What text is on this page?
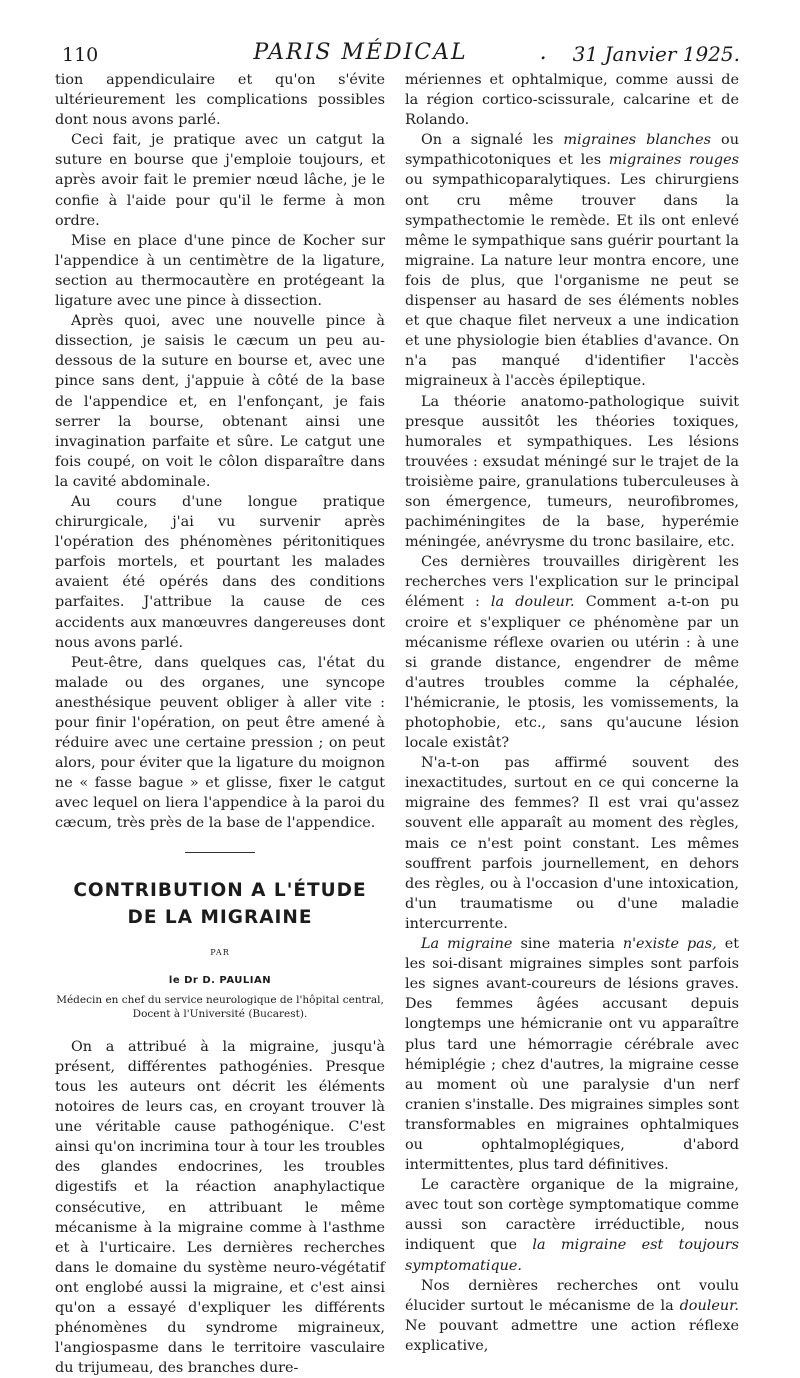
110	PARIS MÉDICAL	.	31 Janvier 1925.

tion appendiculaire et qu'on s'évite ultérieurement les complications possibles dont nous avons parlé.

Ceci fait, je pratique avec un catgut la suture en bourse que j'emploie toujours, et après avoir fait le premier nœud lâche, je le confie à l'aide pour qu'il le ferme à mon ordre.

Mise en place d'une pince de Kocher sur l'appendice à un centimètre de la ligature, section au thermocautère en protégeant la ligature avec une pince à dissection.

Après quoi, avec une nouvelle pince à dissection, je saisis le cæcum un peu au-dessous de la suture en bourse et, avec une pince sans dent, j'appuie à côté de la base de l'appendice et, en l'enfonçant, je fais serrer la bourse, obtenant ainsi une invagination parfaite et sûre. Le catgut une fois coupé, on voit le côlon disparaître dans la cavité abdominale.

Au cours d'une longue pratique chirurgicale, j'ai vu survenir après l'opération des phénomènes péritonitiques parfois mortels, et pourtant les malades avaient été opérés dans des conditions parfaites. J'attribue la cause de ces accidents aux manœuvres dangereuses dont nous avons parlé.

Peut-être, dans quelques cas, l'état du malade ou des organes, une syncope anesthésique peuvent obliger à aller vite : pour finir l'opération, on peut être amené à réduire avec une certaine pression ; on peut alors, pour éviter que la ligature du moignon ne « fasse bague » et glisse, fixer le catgut avec lequel on liera l'appendice à la paroi du cæcum, très près de la base de l'appendice.

CONTRIBUTION A L'ÉTUDE
DE LA MIGRAINE
PAR
le Dr D. PAULIAN
Médecin en chef du service neurologique de l'hôpital central,
Docent à l'Université (Bucarest).

On a attribué à la migraine, jusqu'à présent, différentes pathogénies. Presque tous les auteurs ont décrit les éléments notoires de leurs cas, en croyant trouver là une véritable cause pathogénique. C'est ainsi qu'on incrimina tour à tour les troubles des glandes endocrines, les troubles digestifs et la réaction anaphylactique consécutive, en attribuant le même mécanisme à la migraine comme à l'asthme et à l'urticaire. Les dernières recherches dans le domaine du système neuro-végétatif ont englobé aussi la migraine, et c'est ainsi qu'on a essayé d'expliquer les différents phénomènes du syndrome migraineux, l'angiospasme dans le territoire vasculaire du trijumeau, des branches dure-

mériennes et ophtalmique, comme aussi de la région cortico-scissurale, calcarine et de Rolando.

On a signalé les migraines blanches ou sympathicotoniques et les migraines rouges ou sympathicoparalytiques. Les chirurgiens ont cru même trouver dans la sympathectomie le remède. Et ils ont enlevé même le sympathique sans guérir pourtant la migraine. La nature leur montra encore, une fois de plus, que l'organisme ne peut se dispenser au hasard de ses éléments nobles et que chaque filet nerveux a une indication et une physiologie bien établies d'avance. On n'a pas manqué d'identifier l'accès migraineux à l'accès épileptique.

La théorie anatomo-pathologique suivit presque aussitôt les théories toxiques, humorales et sympathiques. Les lésions trouvées : exsudat méningé sur le trajet de la troisième paire, granulations tuberculeuses à son émergence, tumeurs, neurofibromes, pachiméningites de la base, hyperémie méningée, anévrysme du tronc basilaire, etc.

Ces dernières trouvailles dirigèrent les recherches vers l'explication sur le principal élément : la douleur. Comment a-t-on pu croire et s'expliquer ce phénomène par un mécanisme réflexe ovarien ou utérin : à une si grande distance, engendrer de même d'autres troubles comme la céphalée, l'hémicranie, le ptosis, les vomissements, la photophobie, etc., sans qu'aucune lésion locale existât?

N'a-t-on pas affirmé souvent des inexactitudes, surtout en ce qui concerne la migraine des femmes? Il est vrai qu'assez souvent elle apparaît au moment des règles, mais ce n'est point constant. Les mêmes souffrent parfois journellement, en dehors des règles, ou à l'occasion d'une intoxication, d'un traumatisme ou d'une maladie intercurrente.

La migraine sine materia n'existe pas, et les soi-disant migraines simples sont parfois les signes avant-coureurs de lésions graves. Des femmes âgées accusant depuis longtemps une hémicranie ont vu apparaître plus tard une hémorragie cérébrale avec hémiplégie ; chez d'autres, la migraine cesse au moment où une paralysie d'un nerf cranien s'installe. Des migraines simples sont transformables en migraines ophtalmiques ou ophtalmoplégiques, d'abord intermittentes, plus tard définitives.

Le caractère organique de la migraine, avec tout son cortège symptomatique comme aussi son caractère irréductible, nous indiquent que la migraine est toujours symptomatique.

Nos dernières recherches ont voulu élucider surtout le mécanisme de la douleur. Ne pouvant admettre une action réflexe explicative,
